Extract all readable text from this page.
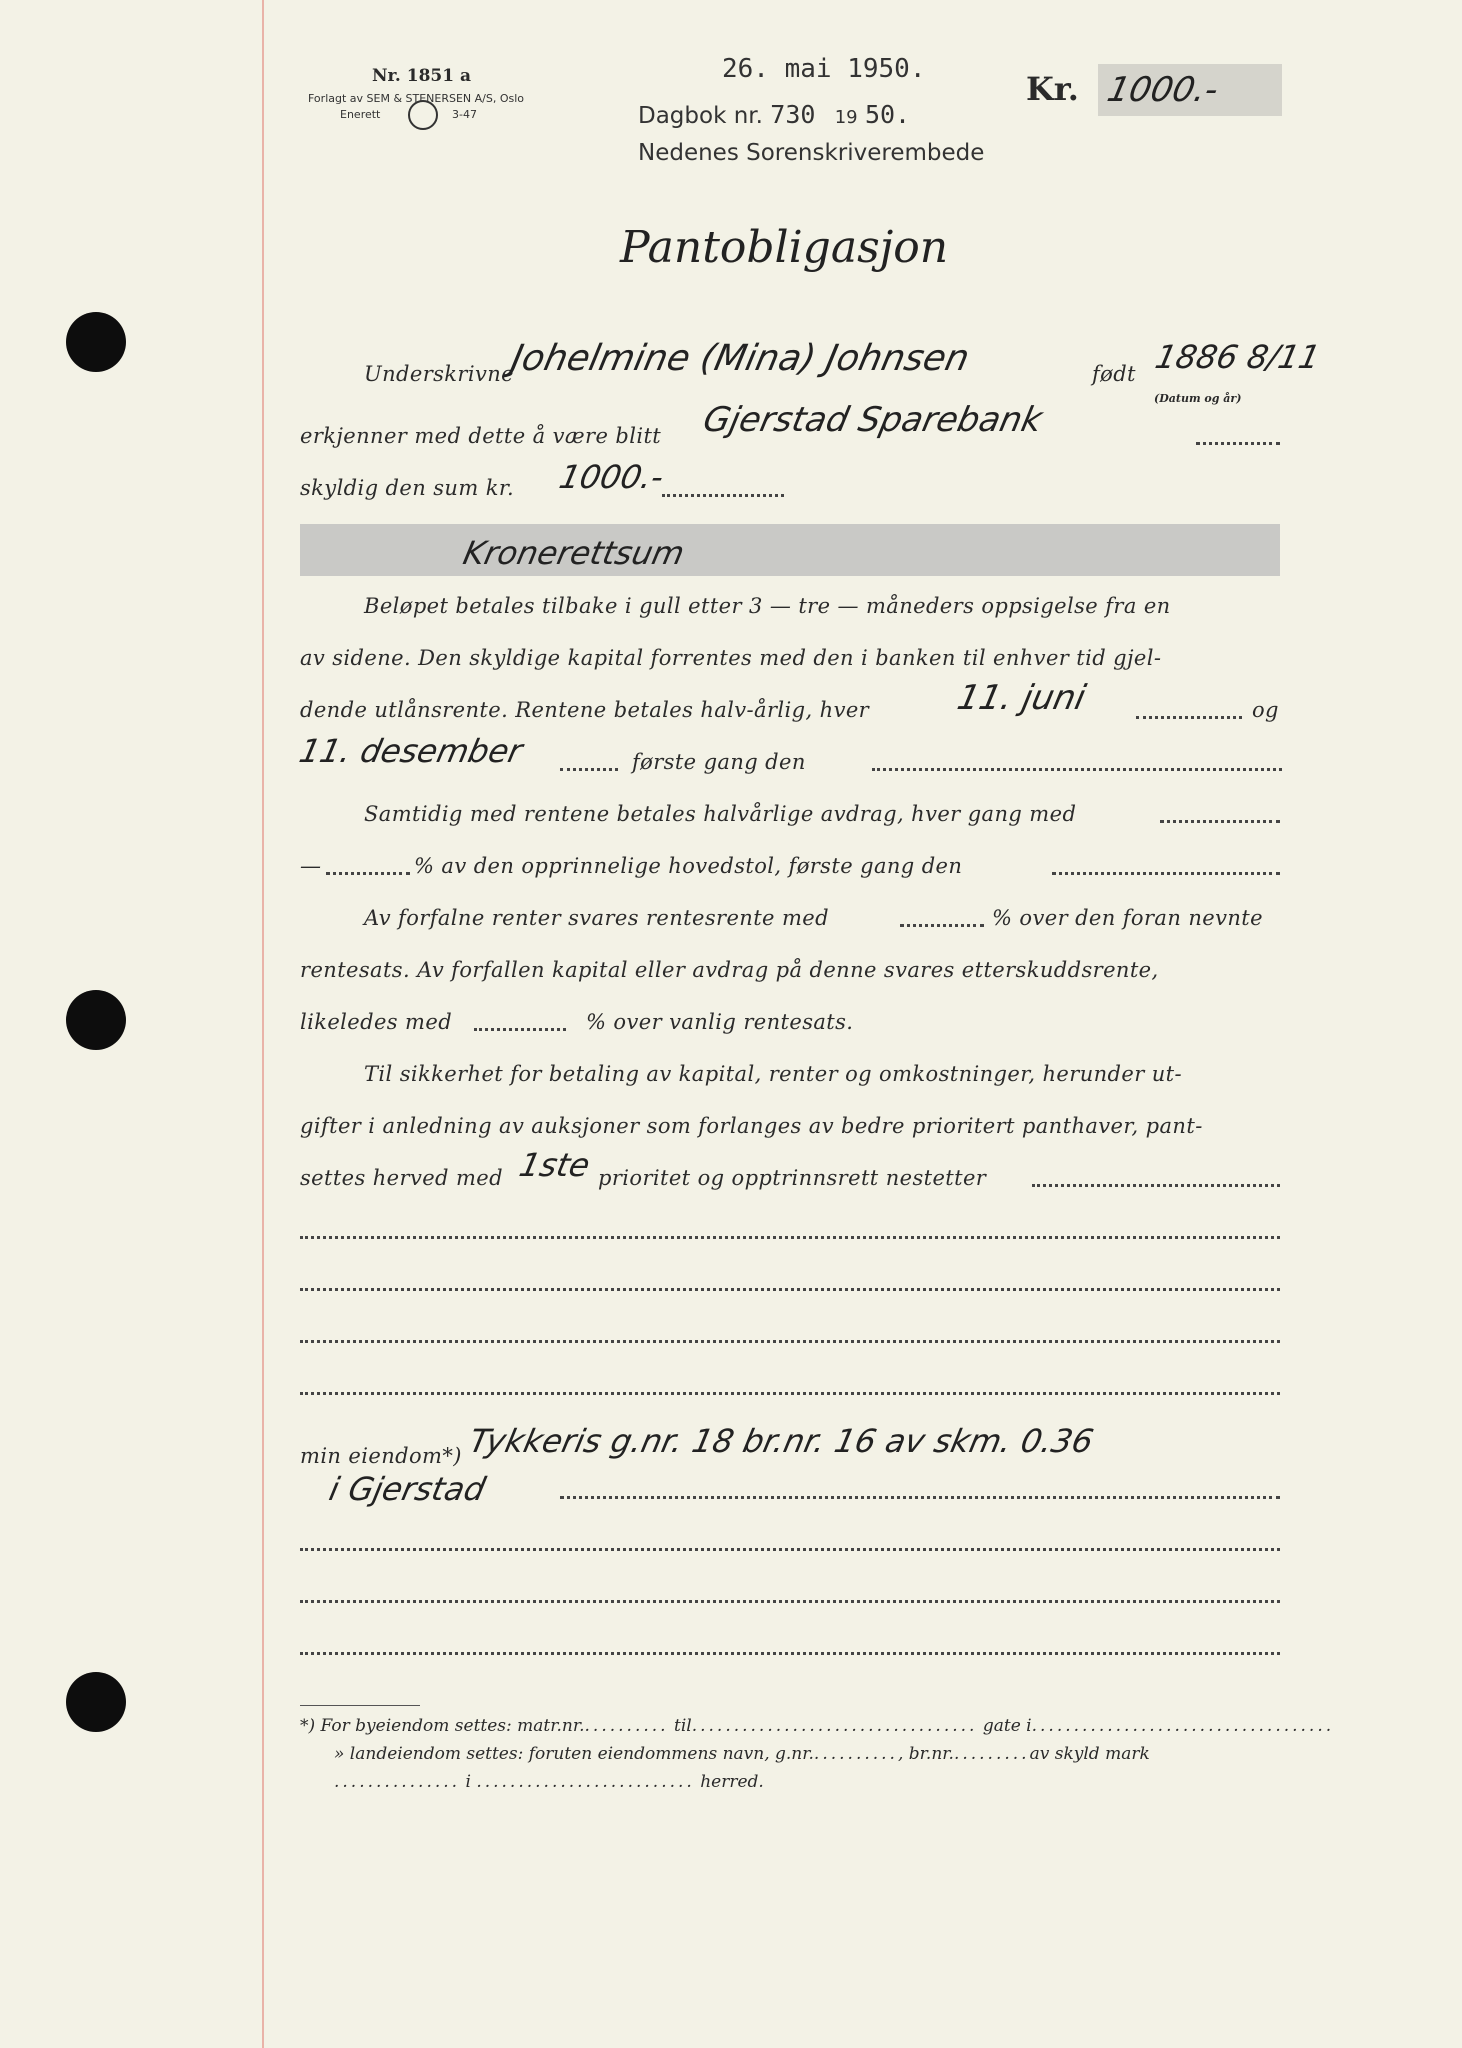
Nr. 1851 a
Forlagt av SEM & STENERSEN A/S, Oslo
Enerett	3-47
26. mai 1950.
Dagbok nr. 730 19 50.
Nedenes Sorenskriverembede
Kr. 1000.-
Pantobligasjon
Underskrivne
Johelmine (Mina) Johnsen	født 1886 8/11
(Datum og år)
erkjenner med dette å være blitt Gjerstad Sparebank
skyldig den sum kr. 1000.-
Kronerettsum
Beløpet betales tilbake i gull etter 3 — tre — måneders oppsigelse fra en
av sidene. Den skyldige kapital forrentes med den i banken til enhver tid gjel-
dende utlånsrente. Rentene betales halv-årlig, hver 11. juni	og
11. desember	første gang den
Samtidig med rentene betales halvårlige avdrag, hver gang med
—	% av den opprinnelige hovedstol, første gang den
Av forfalne renter svares rentesrente med	% over den foran nevnte
rentesats. Av forfallen kapital eller avdrag på denne svares etterskuddsrente,
likeledes med	% over vanlig rentesats.
Til sikkerhet for betaling av kapital, renter og omkostninger, herunder ut-
gifter i anledning av auksjoner som forlanges av bedre prioritert panthaver, pant-
settes herved med 1ste prioritet og opptrinnsrett nestetter
min eiendom*) Tykkeris g.nr. 18 br.nr. 16 av skm. 0.36
i Gjerstad
*) For byeiendom settes: matr.nr........... til.................................. gate i....................................
» landeiendom settes: foruten eiendommens navn, g.nr..........., br.nr..........av skyld mark
............... i .......................... herred.
